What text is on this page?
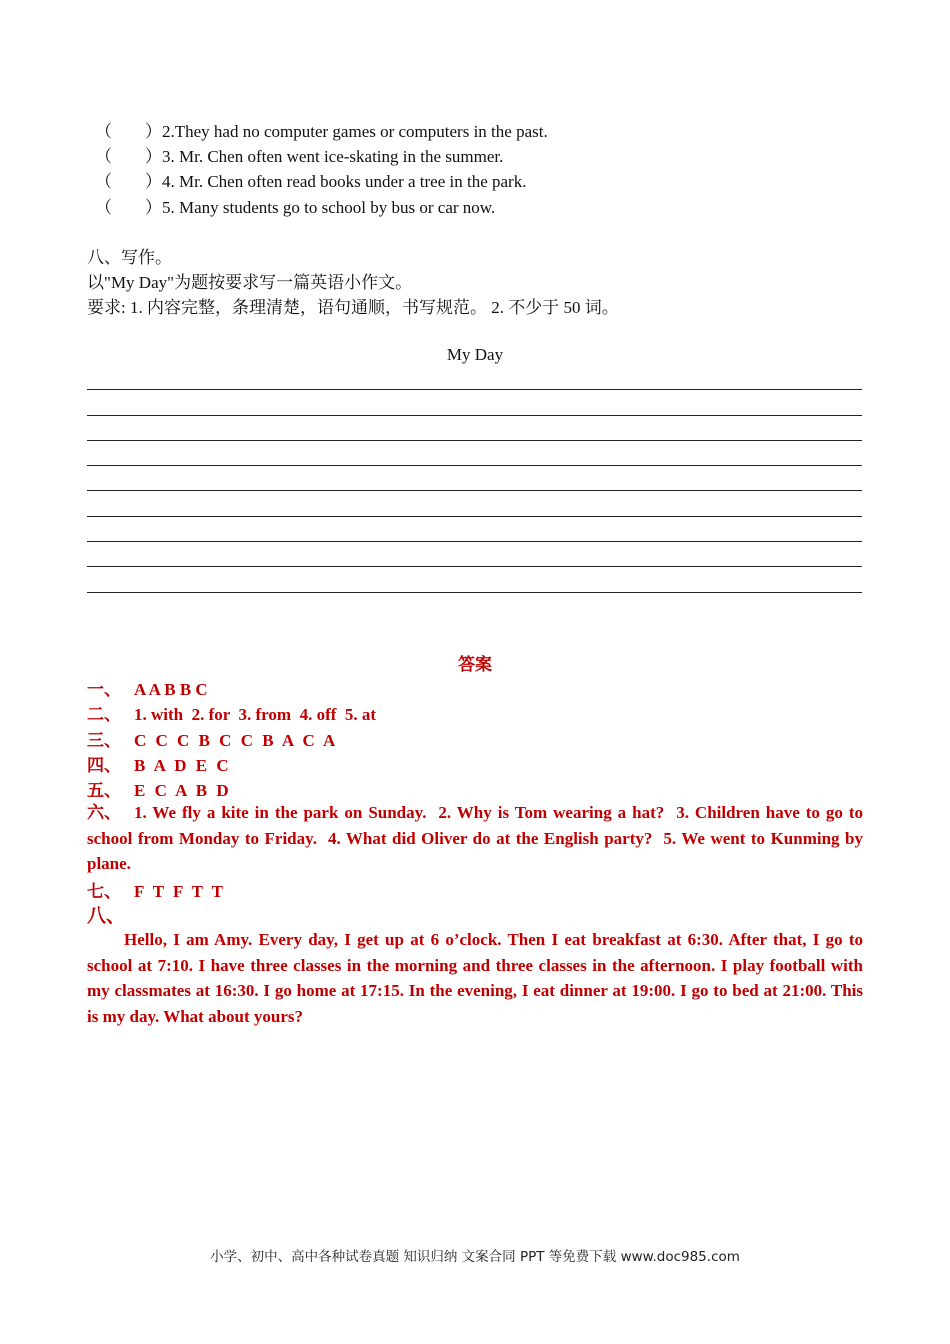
（ ）2.They had no computer games or computers in the past.
（ ）3. Mr. Chen often went ice-skating in the summer.
（ ）4. Mr. Chen often read books under a tree in the park.
（ ）5. Many students go to school by bus or car now.
八、写作。
以"My Day"为题按要求写一篇英语小作文。
要求: 1. 内容完整，条理清楚，语句通顺，书写规范。 2. 不少于 50 词。
My Day
答案
一、 A A B B C
二、 1. with  2. for  3. from  4. off  5. at
三、 C C C B C C B A C A
四、 B A D E C
五、 E C A B D
六、 1. We fly a kite in the park on Sunday.  2. Why is Tom wearing a hat?  3. Children have to go to school from Monday to Friday.  4. What did Oliver do at the English party?  5. We went to Kunming by plane.
七、 F T F T T
八、
Hello, I am Amy. Every day, I get up at 6 o’clock. Then I eat breakfast at 6:30. After that, I go to school at 7:10. I have three classes in the morning and three classes in the afternoon. I play football with my classmates at 16:30. I go home at 17:15. In the evening, I eat dinner at 19:00. I go to bed at 21:00. This is my day. What about yours?
小学、初中、高中各种试卷真题 知识归纳 文案合同 PPT 等免费下载 www.doc985.com
